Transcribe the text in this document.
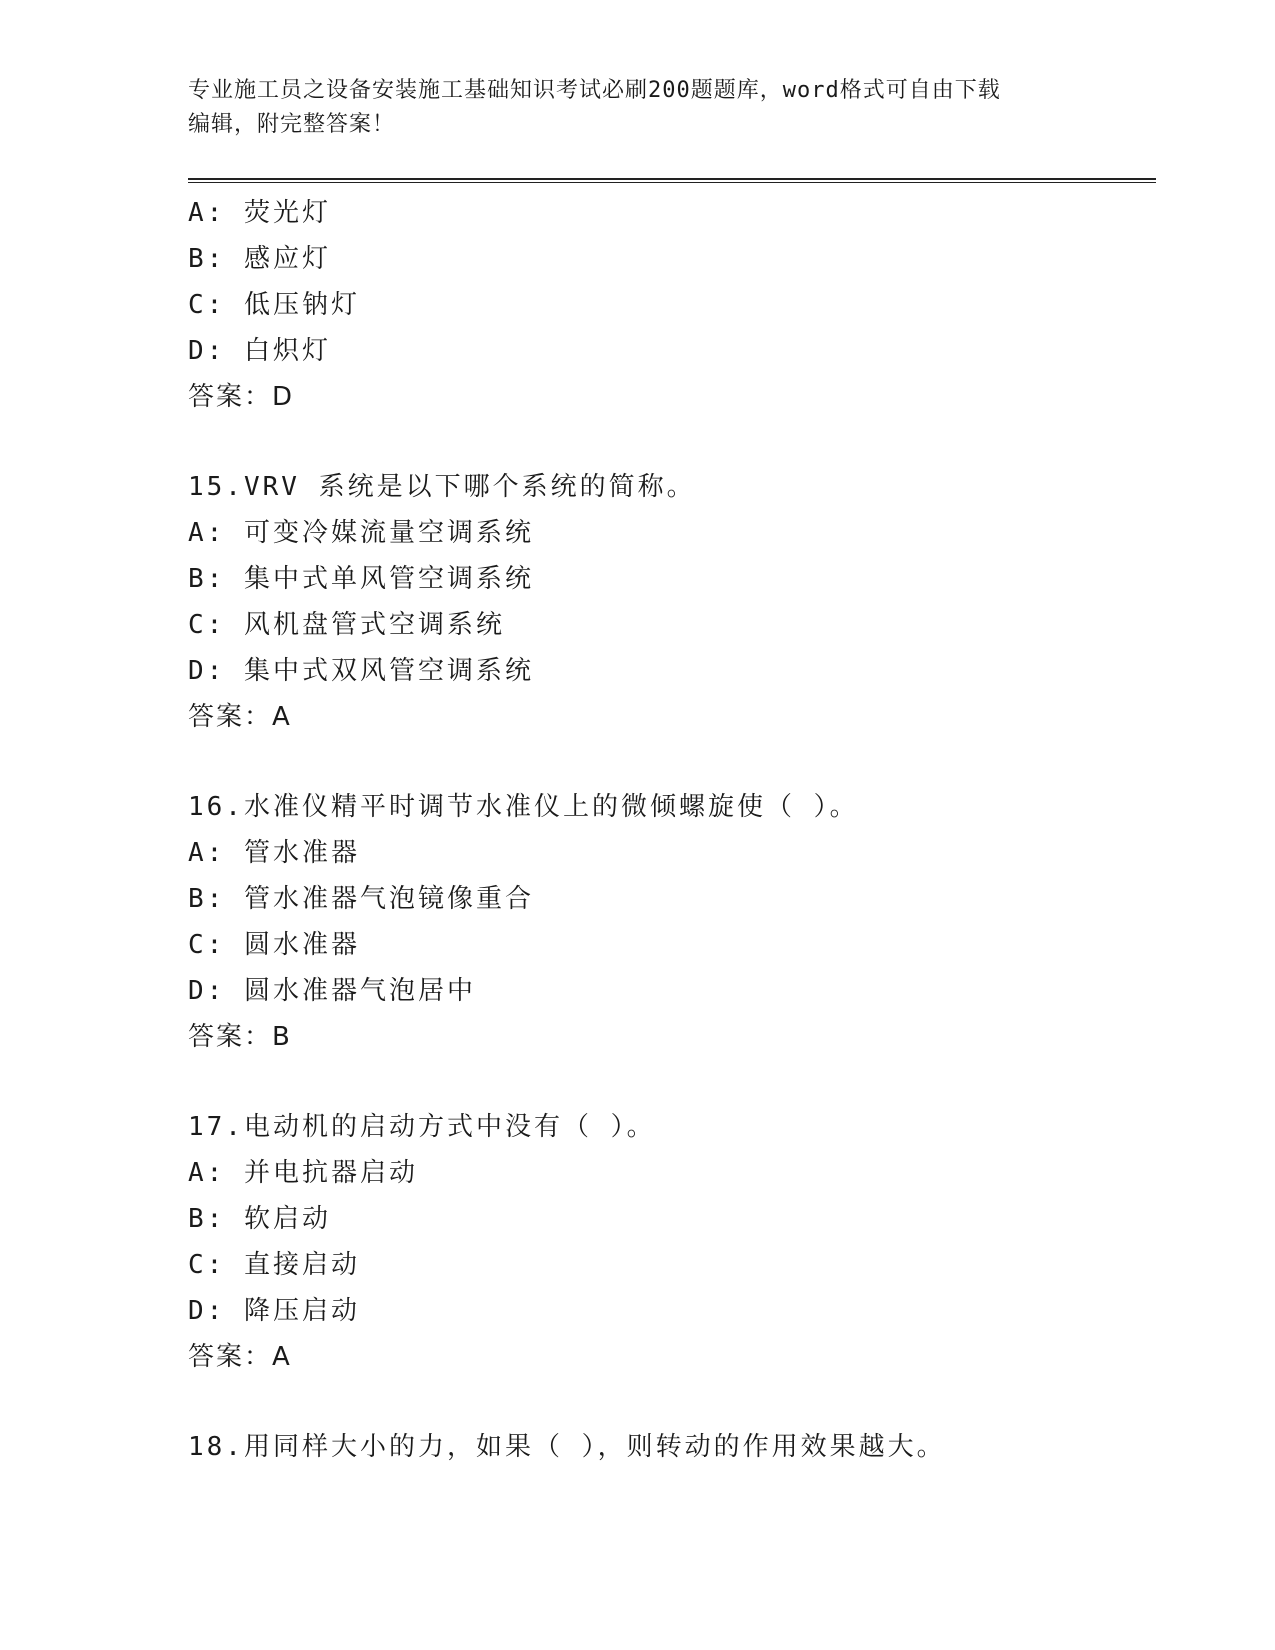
专业施工员之设备安装施工基础知识考试必刷200题题库，word格式可自由下载
编辑，附完整答案！
A: 荧光灯
B: 感应灯
C: 低压钠灯
D: 白炽灯
答案：D
15.VRV 系统是以下哪个系统的简称。
A: 可变冷媒流量空调系统
B: 集中式单风管空调系统
C: 风机盘管式空调系统
D: 集中式双风管空调系统
答案：A
16.水准仪精平时调节水准仪上的微倾螺旋使（ ）。
A: 管水准器
B: 管水准器气泡镜像重合
C: 圆水准器
D: 圆水准器气泡居中
答案：B
17.电动机的启动方式中没有（ ）。
A: 并电抗器启动
B: 软启动
C: 直接启动
D: 降压启动
答案：A
18.用同样大小的力，如果（ ），则转动的作用效果越大。
